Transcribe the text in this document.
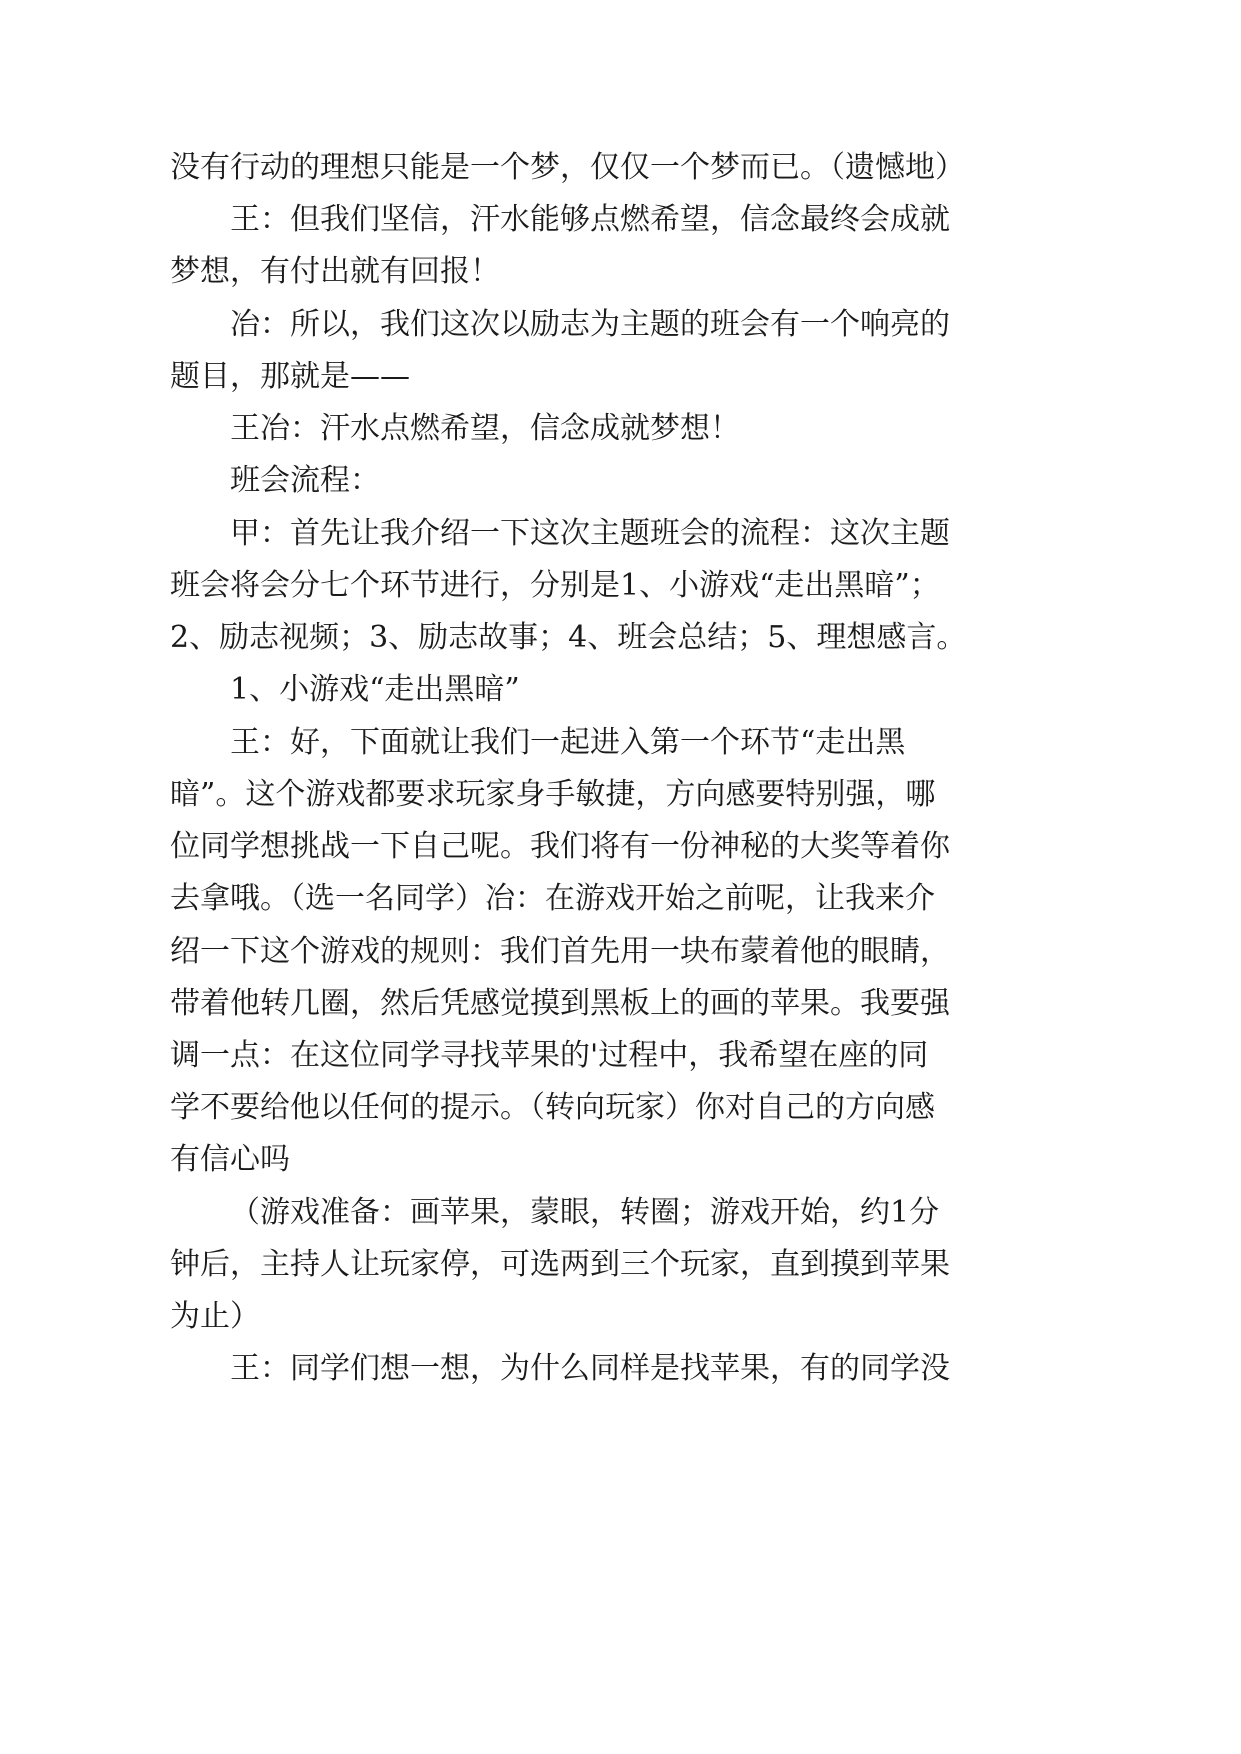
没有行动的理想只能是一个梦，仅仅一个梦而已。（遗憾地）
王：但我们坚信，汗水能够点燃希望，信念最终会成就
梦想，有付出就有回报！
冶：所以，我们这次以励志为主题的班会有一个响亮的
题目，那就是——
王冶：汗水点燃希望，信念成就梦想！
班会流程：
甲：首先让我介绍一下这次主题班会的流程：这次主题
班会将会分七个环节进行，分别是1、小游戏“走出黑暗”；
2、励志视频；3、励志故事；4、班会总结；5、理想感言。
1、小游戏“走出黑暗”
王：好，下面就让我们一起进入第一个环节“走出黑
暗”。这个游戏都要求玩家身手敏捷，方向感要特别强，哪
位同学想挑战一下自己呢。我们将有一份神秘的大奖等着你
去拿哦。（选一名同学）冶：在游戏开始之前呢，让我来介
绍一下这个游戏的规则：我们首先用一块布蒙着他的眼睛，
带着他转几圈，然后凭感觉摸到黑板上的画的苹果。我要强
调一点：在这位同学寻找苹果的'过程中，我希望在座的同
学不要给他以任何的提示。（转向玩家）你对自己的方向感
有信心吗
（游戏准备：画苹果，蒙眼，转圈；游戏开始，约1分
钟后，主持人让玩家停，可选两到三个玩家，直到摸到苹果
为止）
王：同学们想一想，为什么同样是找苹果，有的同学没
